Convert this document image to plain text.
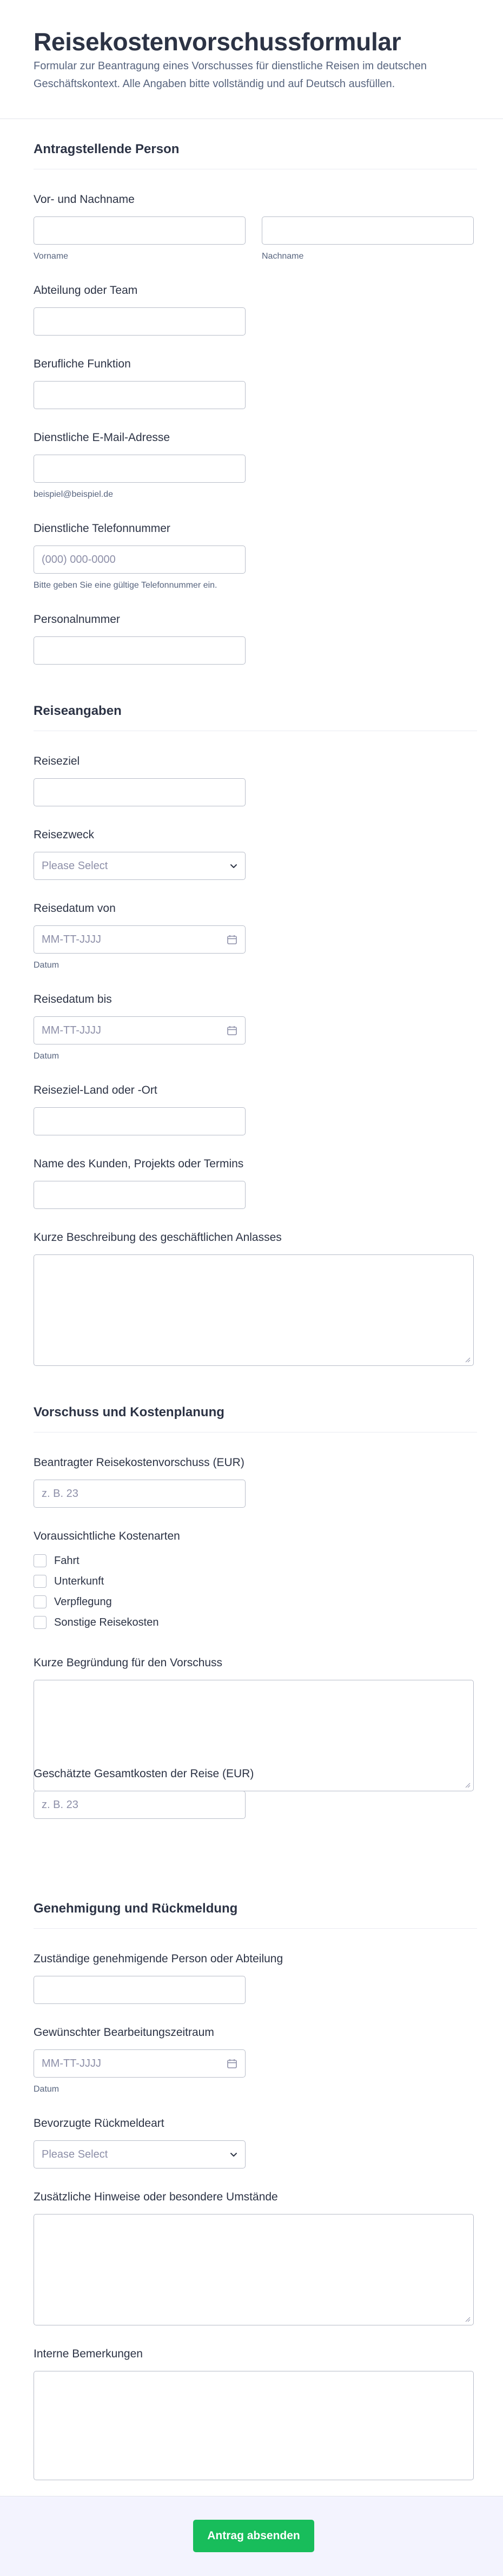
Reisekostenvorschussformular
Formular zur Beantragung eines Vorschusses für dienstliche Reisen im deutschen Geschäftskontext. Alle Angaben bitte vollständig und auf Deutsch ausfüllen.
Antragstellende Person
Vor- und Nachname
Vorname	Nachname
Abteilung oder Team
Berufliche Funktion
Dienstliche E-Mail-Adresse
beispiel@beispiel.de
Dienstliche Telefonnummer
(000) 000-0000
Bitte geben Sie eine gültige Telefonnummer ein.
Personalnummer
Reiseangaben
Reiseziel
Reisezweck
Please Select
Reisedatum von
MM-TT-JJJJ
Datum
Reisedatum bis
MM-TT-JJJJ
Datum
Reiseziel-Land oder -Ort
Name des Kunden, Projekts oder Termins
Kurze Beschreibung des geschäftlichen Anlasses
Vorschuss und Kostenplanung
Beantragter Reisekostenvorschuss (EUR)
z. B. 23
Voraussichtliche Kostenarten
Fahrt
Unterkunft
Verpflegung
Sonstige Reisekosten
Kurze Begründung für den Vorschuss
Geschätzte Gesamtkosten der Reise (EUR)
z. B. 23
Genehmigung und Rückmeldung
Zuständige genehmigende Person oder Abteilung
Gewünschter Bearbeitungszeitraum
MM-TT-JJJJ
Datum
Bevorzugte Rückmeldeart
Please Select
Zusätzliche Hinweise oder besondere Umstände
Interne Bemerkungen
Antrag absenden
